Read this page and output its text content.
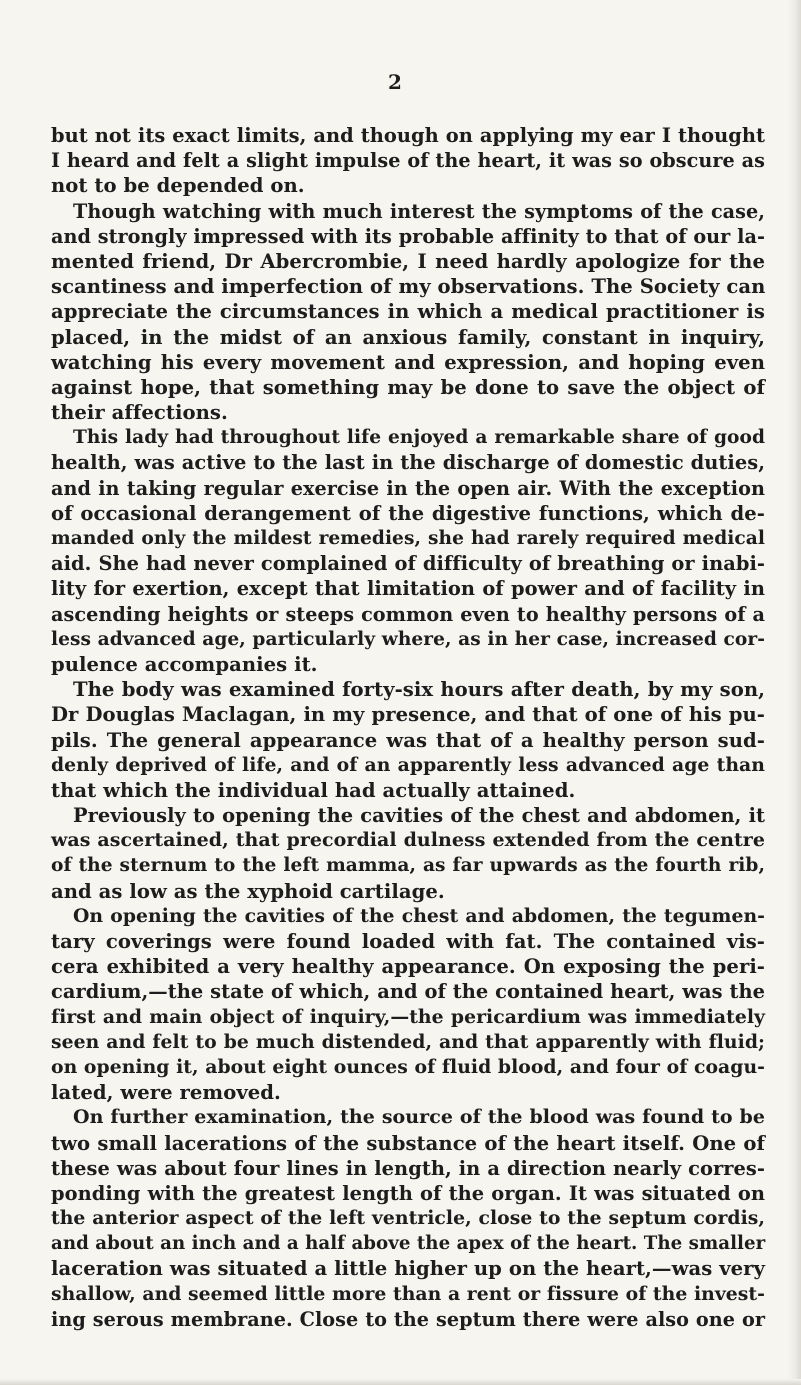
2
but not its exact limits, and though on applying my ear I thought
I heard and felt a slight impulse of the heart, it was so obscure as
not to be depended on.
Though watching with much interest the symptoms of the case,
and strongly impressed with its probable affinity to that of our la-
mented friend, Dr Abercrombie, I need hardly apologize for the
scantiness and imperfection of my observations. The Society can
appreciate the circumstances in which a medical practitioner is
placed, in the midst of an anxious family, constant in inquiry,
watching his every movement and expression, and hoping even
against hope, that something may be done to save the object of
their affections.
This lady had throughout life enjoyed a remarkable share of good
health, was active to the last in the discharge of domestic duties,
and in taking regular exercise in the open air. With the exception
of occasional derangement of the digestive functions, which de-
manded only the mildest remedies, she had rarely required medical
aid. She had never complained of difficulty of breathing or inabi-
lity for exertion, except that limitation of power and of facility in
ascending heights or steeps common even to healthy persons of a
less advanced age, particularly where, as in her case, increased cor-
pulence accompanies it.
The body was examined forty-six hours after death, by my son,
Dr Douglas Maclagan, in my presence, and that of one of his pu-
pils. The general appearance was that of a healthy person sud-
denly deprived of life, and of an apparently less advanced age than
that which the individual had actually attained.
Previously to opening the cavities of the chest and abdomen, it
was ascertained, that precordial dulness extended from the centre
of the sternum to the left mamma, as far upwards as the fourth rib,
and as low as the xyphoid cartilage.
On opening the cavities of the chest and abdomen, the tegumen-
tary coverings were found loaded with fat. The contained vis-
cera exhibited a very healthy appearance. On exposing the peri-
cardium,—the state of which, and of the contained heart, was the
first and main object of inquiry,—the pericardium was immediately
seen and felt to be much distended, and that apparently with fluid;
on opening it, about eight ounces of fluid blood, and four of coagu-
lated, were removed.
On further examination, the source of the blood was found to be
two small lacerations of the substance of the heart itself. One of
these was about four lines in length, in a direction nearly corres-
ponding with the greatest length of the organ. It was situated on
the anterior aspect of the left ventricle, close to the septum cordis,
and about an inch and a half above the apex of the heart. The smaller
laceration was situated a little higher up on the heart,—was very
shallow, and seemed little more than a rent or fissure of the invest-
ing serous membrane. Close to the septum there were also one or
